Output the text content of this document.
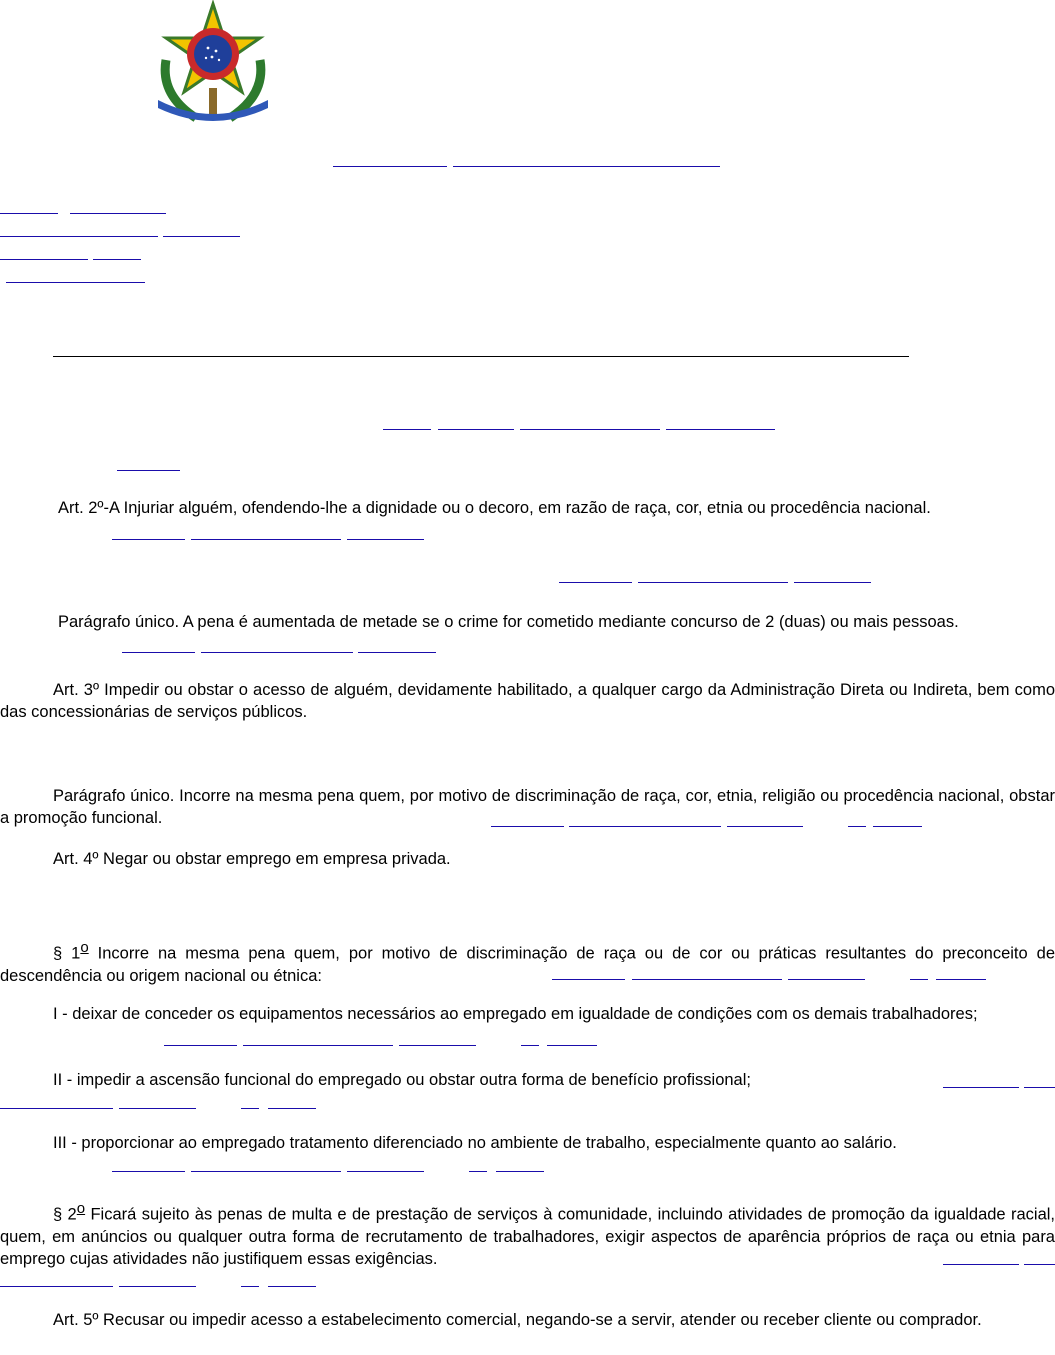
Art. 2º-A Injuriar alguém, ofendendo-lhe a dignidade ou o decoro, em razão de raça, cor, etnia ou procedência nacional.

Parágrafo único. A pena é aumentada de metade se o crime for cometido mediante concurso de 2 (duas) ou mais pessoas.

Art. 3º Impedir ou obstar o acesso de alguém, devidamente habilitado, a qualquer cargo da Administração Direta ou Indireta, bem como das concessionárias de serviços públicos.

Parágrafo único. Incorre na mesma pena quem, por motivo de discriminação de raça, cor, etnia, religião ou procedência nacional, obstar a promoção funcional.

Art. 4º Negar ou obstar emprego em empresa privada.

§ 1$^o$ Incorre na mesma pena quem, por motivo de discriminação de raça ou de cor ou práticas resultantes do preconceito de descendência ou origem nacional ou étnica:

I - deixar de conceder os equipamentos necessários ao empregado em igualdade de condições com os demais trabalhadores;

II - impedir a ascensão funcional do empregado ou obstar outra forma de benefício profissional;

III - proporcionar ao empregado tratamento diferenciado no ambiente de trabalho, especialmente quanto ao salário.

§ 2$^o$ Ficará sujeito às penas de multa e de prestação de serviços à comunidade, incluindo atividades de promoção da igualdade racial, quem, em anúncios ou qualquer outra forma de recrutamento de trabalhadores, exigir aspectos de aparência próprios de raça ou etnia para emprego cujas atividades não justifiquem essas exigências.

Art. 5º Recusar ou impedir acesso a estabelecimento comercial, negando-se a servir, atender ou receber cliente ou comprador.
